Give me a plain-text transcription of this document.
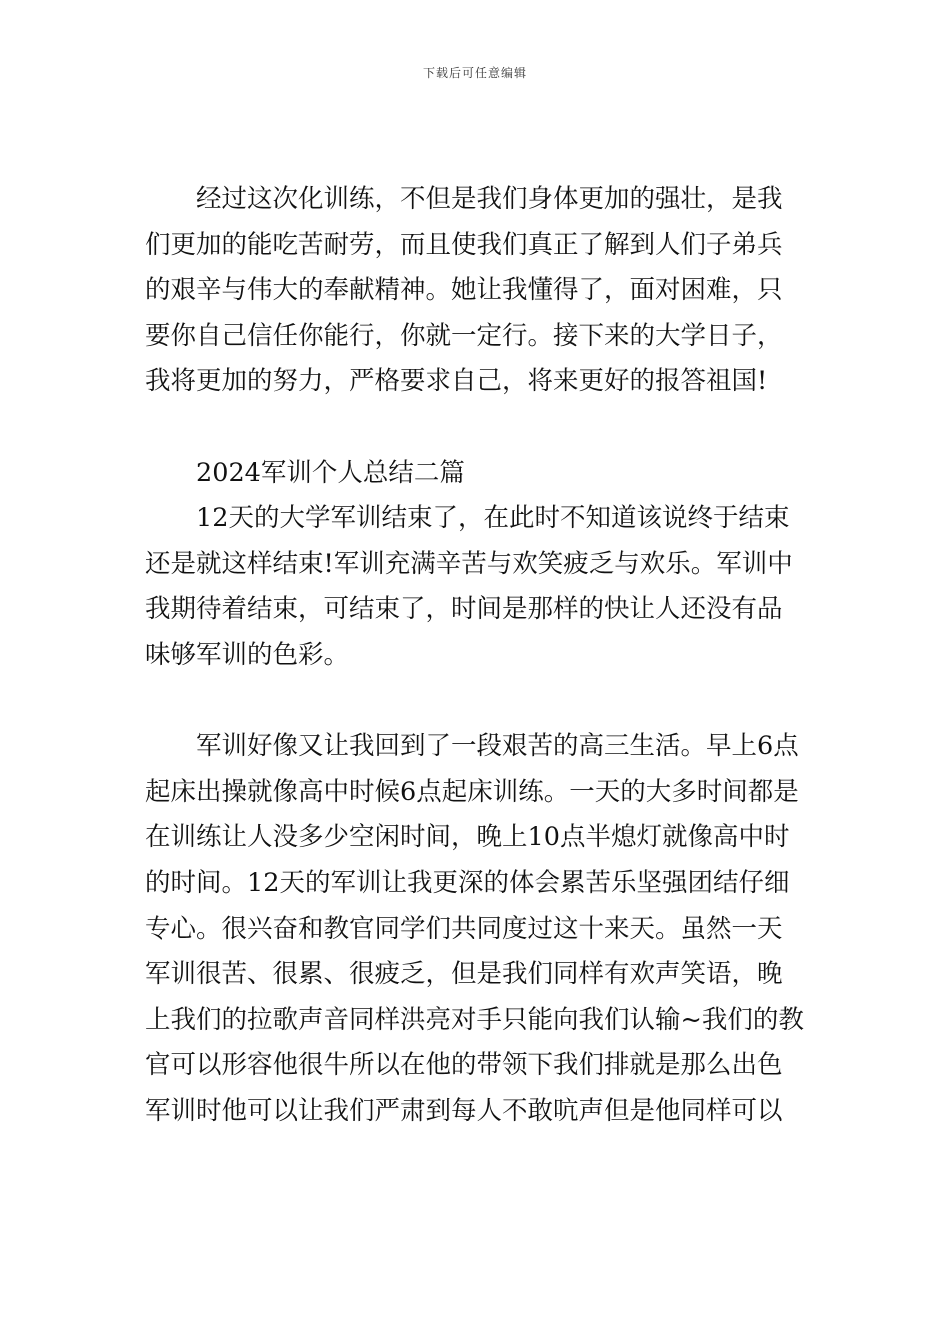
下载后可任意编辑
经过这次化训练，不但是我们身体更加的强壮，是我
们更加的能吃苦耐劳，而且使我们真正了解到人们子弟兵
的艰辛与伟大的奉献精神。她让我懂得了，面对困难，只
要你自己信任你能行，你就一定行。接下来的大学日子，
我将更加的努力，严格要求自己，将来更好的报答祖国!
2024军训个人总结二篇
12天的大学军训结束了，在此时不知道该说终于结束
还是就这样结束!军训充满辛苦与欢笑疲乏与欢乐。军训中
我期待着结束，可结束了，时间是那样的快让人还没有品
味够军训的色彩。
军训好像又让我回到了一段艰苦的高三生活。早上6点
起床出操就像高中时候6点起床训练。一天的大多时间都是
在训练让人没多少空闲时间，晚上10点半熄灯就像高中时
的时间。12天的军训让我更深的体会累苦乐坚强团结仔细
专心。很兴奋和教官同学们共同度过这十来天。虽然一天
军训很苦、很累、很疲乏，但是我们同样有欢声笑语，晚
上我们的拉歌声音同样洪亮对手只能向我们认输~我们的教
官可以形容他很牛所以在他的带领下我们排就是那么出色
军训时他可以让我们严肃到每人不敢吭声但是他同样可以
